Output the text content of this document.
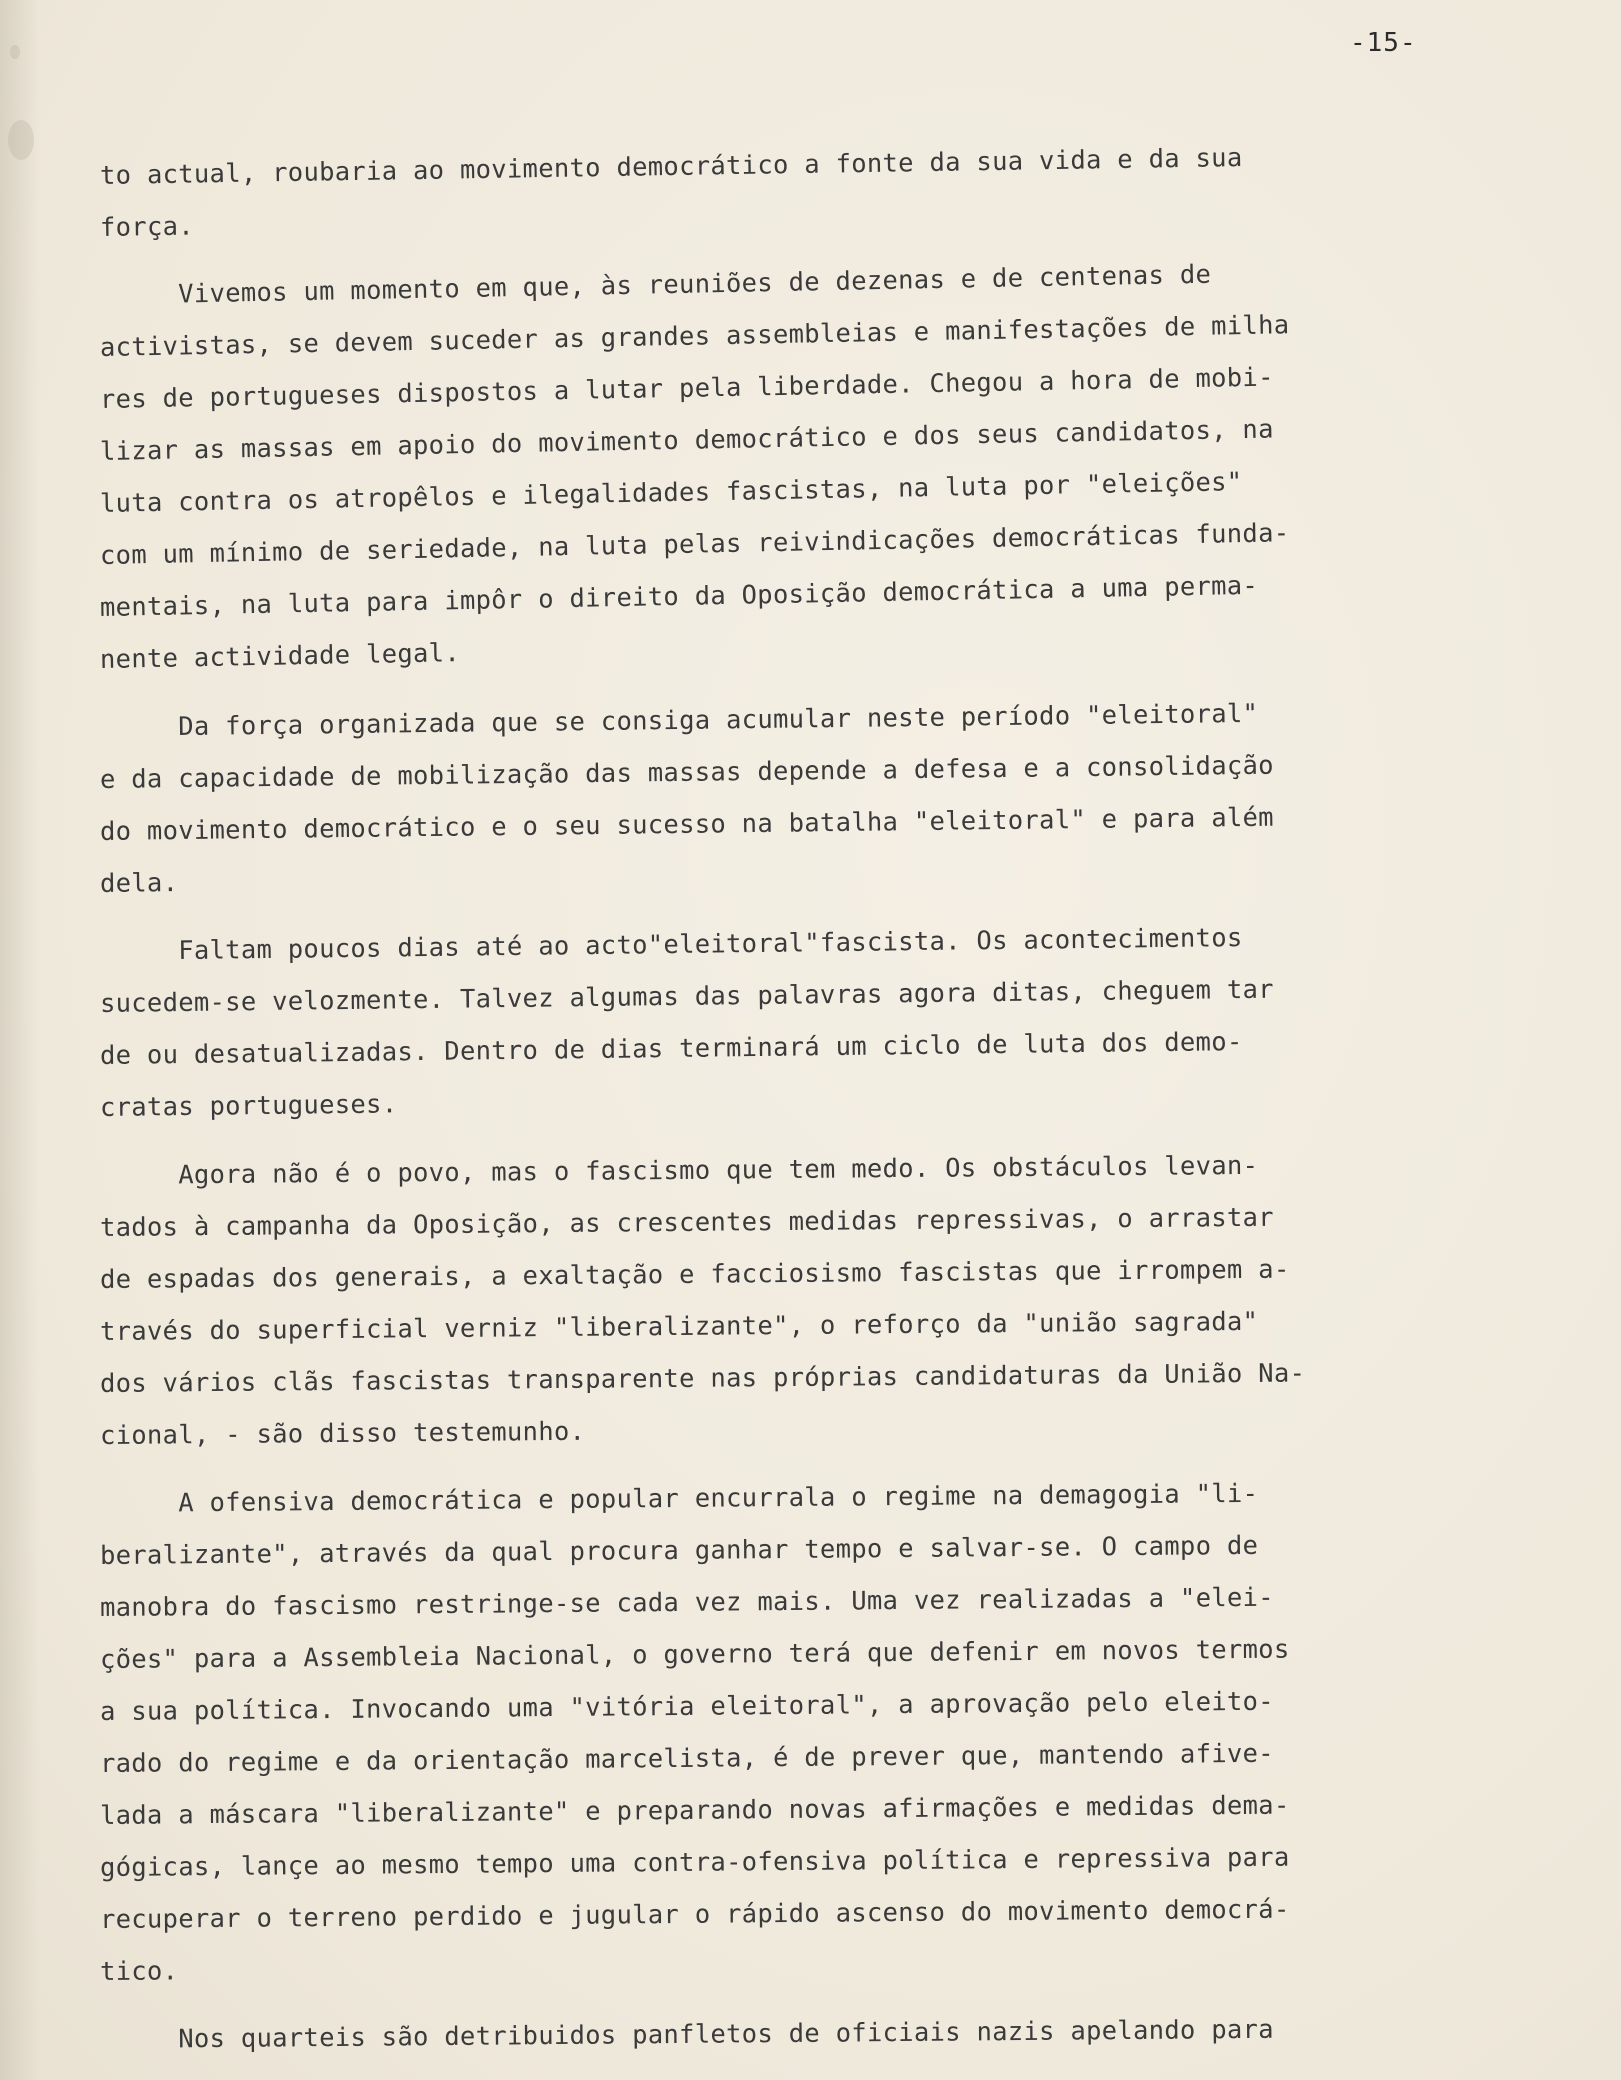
-15-
to actual, roubaria ao movimento democrático a fonte da sua vida e da sua
força.
Vivemos um momento em que, às reuniões de dezenas e de centenas de
activistas, se devem suceder as grandes assembleias e manifestações de milha
res de portugueses dispostos a lutar pela liberdade. Chegou a hora de mobi-
lizar as massas em apoio do movimento democrático e dos seus candidatos, na
luta contra os atropêlos e ilegalidades fascistas, na luta por "eleições"
com um mínimo de seriedade, na luta pelas reivindicações democráticas funda-
mentais, na luta para impôr o direito da Oposição democrática a uma perma-
nente actividade legal.
Da força organizada que se consiga acumular neste período "eleitoral"
e da capacidade de mobilização das massas depende a defesa e a consolidação
do movimento democrático e o seu sucesso na batalha "eleitoral" e para além
dela.
Faltam poucos dias até ao acto"eleitoral"fascista. Os acontecimentos
sucedem-se velozmente. Talvez algumas das palavras agora ditas, cheguem tar
de ou desatualizadas. Dentro de dias terminará um ciclo de luta dos demo-
cratas portugueses.
Agora não é o povo, mas o fascismo que tem medo. Os obstáculos levan-
tados à campanha da Oposição, as crescentes medidas repressivas, o arrastar
de espadas dos generais, a exaltação e facciosismo fascistas que irrompem a-
través do superficial verniz "liberalizante", o reforço da "união sagrada"
dos vários clãs fascistas transparente nas próprias candidaturas da União Na-
cional, - são disso testemunho.
A ofensiva democrática e popular encurrala o regime na demagogia "li-
beralizante", através da qual procura ganhar tempo e salvar-se. O campo de
manobra do fascismo restringe-se cada vez mais. Uma vez realizadas a "elei-
ções" para a Assembleia Nacional, o governo terá que defenir em novos termos
a sua política. Invocando uma "vitória eleitoral", a aprovação pelo eleito-
rado do regime e da orientação marcelista, é de prever que, mantendo afive-
lada a máscara "liberalizante" e preparando novas afirmações e medidas dema-
gógicas, lançe ao mesmo tempo uma contra-ofensiva política e repressiva para
recuperar o terreno perdido e jugular o rápido ascenso do movimento democrá-
tico.
Nos quarteis são detribuidos panfletos de oficiais nazis apelando para
